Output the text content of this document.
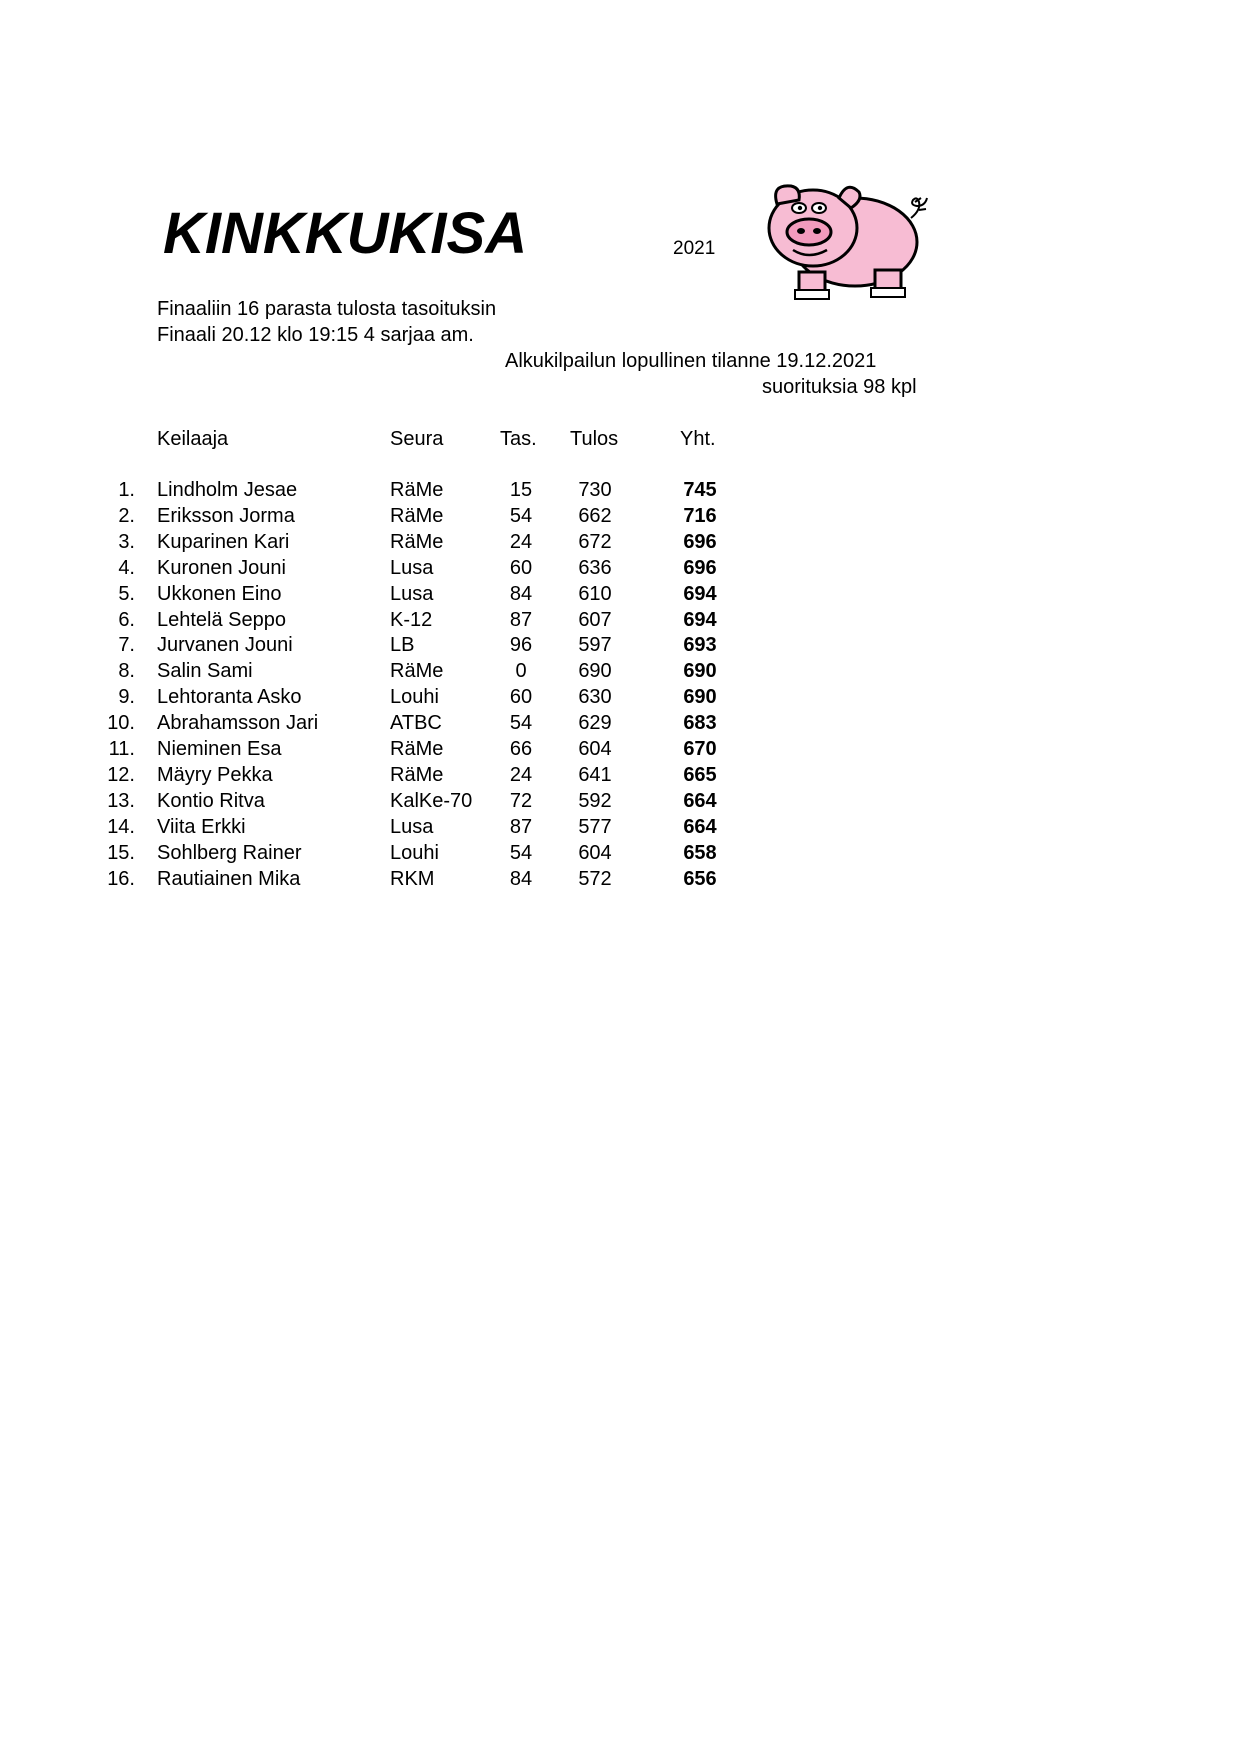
KINKKUKISA	2021
Finaaliin 16 parasta tulosta tasoituksin
Finaali 20.12 klo 19:15 4 sarjaa am.
Alkukilpailun lopullinen tilanne 19.12.2021
suorituksia 98 kpl
Keilaaja	Seura	Tas. Tulos	Yht.
1. Lindholm Jesae	RäMe	15	730	745
2. Eriksson Jorma	RäMe	54	662	716
3. Kuparinen Kari	RäMe	24	672	696
4. Kuronen Jouni	Lusa	60	636	696
5. Ukkonen Eino	Lusa	84	610	694
6. Lehtelä Seppo	K-12	87	607	694
7. Jurvanen Jouni	LB	96	597	693
8. Salin Sami	RäMe	0	690	690
9. Lehtoranta Asko	Louhi	60	630	690
10. Abrahamsson Jari	ATBC	54	629	683
11. Nieminen Esa	RäMe	66	604	670
12. Mäyry Pekka	RäMe	24	641	665
13. Kontio Ritva	KalKe-70	72	592	664
14. Viita Erkki	Lusa	87	577	664
15. Sohlberg Rainer	Louhi	54	604	658
16. Rautiainen Mika	RKM	84	572	656
